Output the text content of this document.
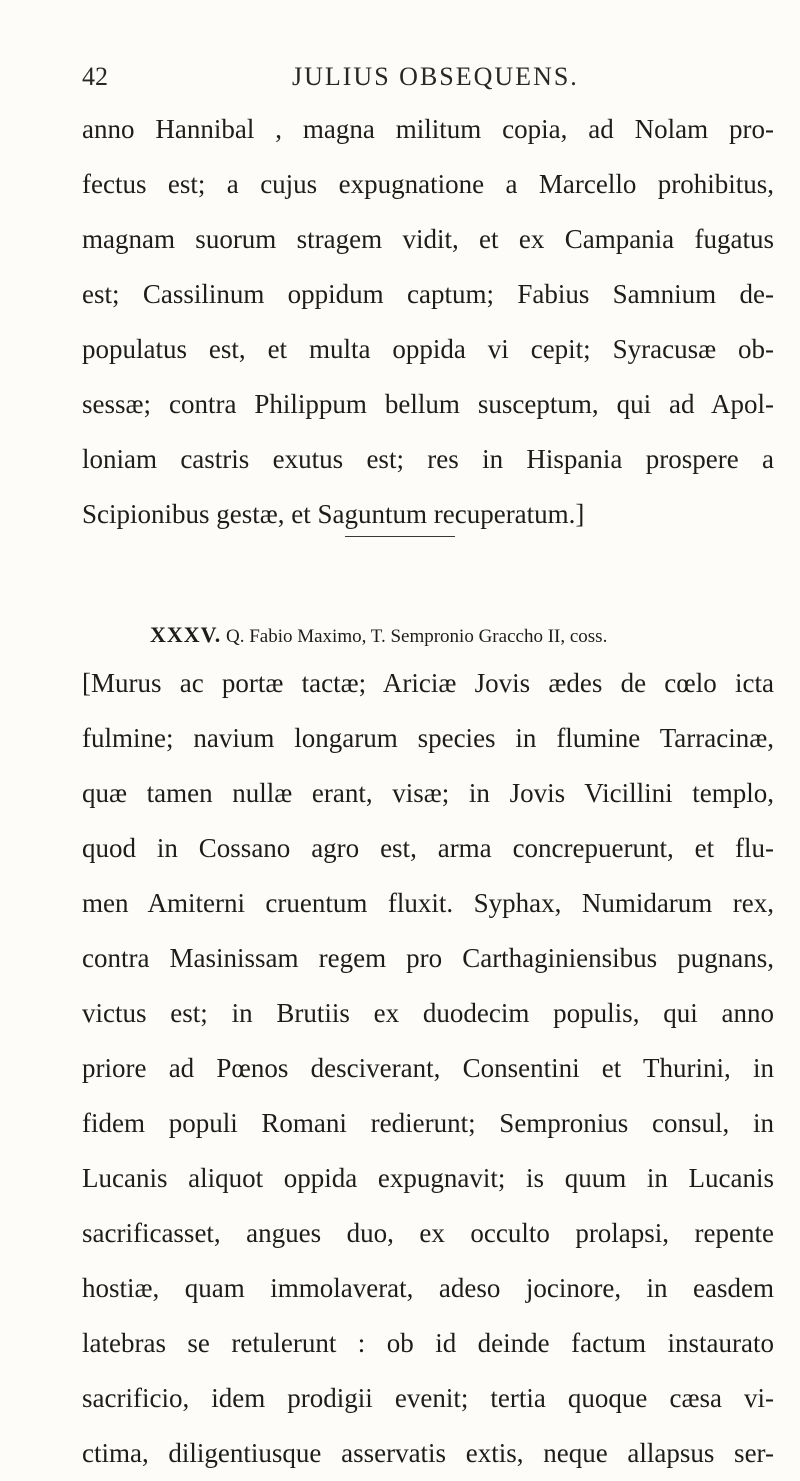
42	JULIUS OBSEQUENS.
anno Hannibal , magna militum copia, ad Nolam pro-
fectus est; a cujus expugnatione a Marcello prohibitus,
magnam suorum stragem vidit, et ex Campania fugatus
est; Cassilinum oppidum captum; Fabius Samnium de-
populatus est, et multa oppida vi cepit; Syracusæ ob-
sessæ; contra Philippum bellum susceptum, qui ad Apol-
loniam castris exutus est; res in Hispania prospere a
Scipionibus gestæ, et Saguntum recuperatum.]
XXXV. Q. Fabio Maximo, T. Sempronio Graccho II, coss.
[Murus ac portæ tactæ; Ariciæ Jovis ædes de cœlo icta
fulmine; navium longarum species in flumine Tarracinæ,
quæ tamen nullæ erant, visæ; in Jovis Vicillini templo,
quod in Cossano agro est, arma concrepuerunt, et flu-
men Amiterni cruentum fluxit. Syphax, Numidarum rex,
contra Masinissam regem pro Carthaginiensibus pugnans,
victus est; in Brutiis ex duodecim populis, qui anno
priore ad Pœnos desciverant, Consentini et Thurini, in
fidem populi Romani redierunt; Sempronius consul, in
Lucanis aliquot oppida expugnavit; is quum in Lucanis
sacrificasset, angues duo, ex occulto prolapsi, repente
hostiæ, quam immolaverat, adeso jocinore, in easdem
latebras se retulerunt : ob id deinde factum instaurato
sacrificio, idem prodigii evenit; tertia quoque cæsa vi-
ctima, diligentiusque asservatis extis, neque allapsus ser-
